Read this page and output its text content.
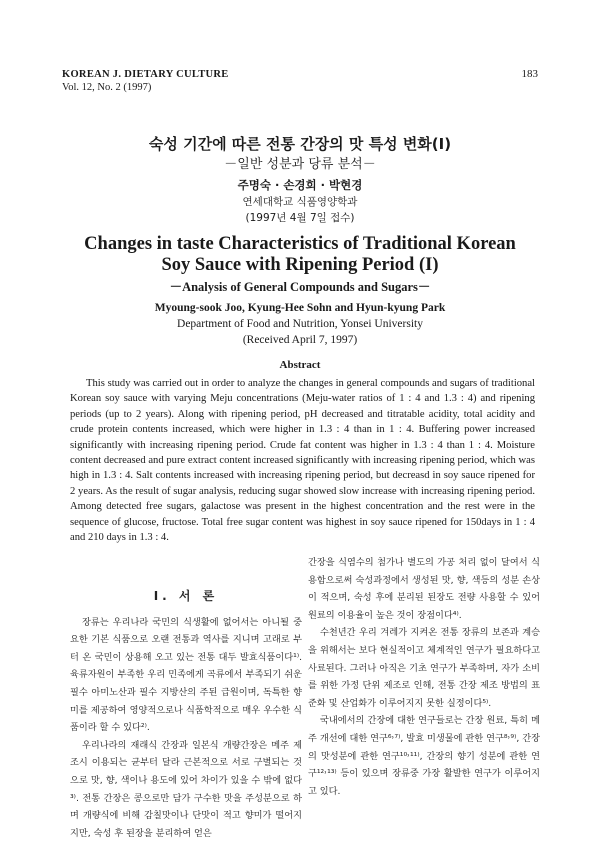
KOREAN J. DIETARY CULTURE
Vol. 12, No. 2 (1997)
183
숙성 기간에 따른 전통 간장의 맛 특성 변화(I)
－일반 성분과 당류 분석－
주명숙 · 손경희 · 박현경
연세대학교 식품영양학과
(1997년 4월 7일 접수)
Changes in taste Characteristics of Traditional Korean
Soy Sauce with Ripening Period (I)
－Analysis of General Compounds and Sugars－
Myoung-sook Joo, Kyung-Hee Sohn and Hyun-kyung Park
Department of Food and Nutrition, Yonsei University
(Received April 7, 1997)
Abstract
This study was carried out in order to analyze the changes in general compounds and sugars of traditional Korean soy sauce with varying Meju concentrations (Meju-water ratios of 1 : 4 and 1.3 : 4) and ripening periods (up to 2 years). Along with ripening period, pH decreased and titratable acidity, total acidity and crude protein contents increased, which were higher in 1.3 : 4 than in 1 : 4. Buffering power increased significantly with increasing ripening period. Crude fat content was higher in 1.3 : 4 than 1 : 4. Moisture content decreased and pure extract content increased significantly with increasing ripening period, which was high in 1.3 : 4. Salt contents increased with increasing ripening period, but decreasd in soy sauce ripened for 2 years. As the result of sugar analysis, reducing sugar showed slow increase with increasing ripening period. Among detected free sugars, galactose was present in the highest concentration and the rest were in the sequence of glucose, fructose. Total free sugar content was highest in soy sauce ripened for 150days in 1 : 4 and 210 days in 1.3 : 4.
I. 서 론

장류는 우리나라 국민의 식생활에 없어서는 아니될 중요한 기본 식품으로 오랜 전통과 역사를 지니며 고래로 부터 온 국민이 상용해 오고 있는 전통 대두 발효식품이다¹⁾. 육류자원이 부족한 우리 민족에게 곡류에서 부족되기 쉬운 필수 아미노산과 필수 지방산의 주된 급원이며, 독특한 향미를 제공하여 영양적으로나 식품학적으로 매우 우수한 식품이라 할 수 있다²⁾.

우리나라의 재래식 간장과 일본식 개량간장은 메주 제조시 이용되는 균부터 달라 근본적으로 서로 구별되는 것으로 맛, 향, 색이나 용도에 있어 차이가 있을 수 밖에 없다³⁾. 전통 간장은 콩으로만 담가 구수한 맛을 주성분으로 하며 개량식에 비해 감칠맛이나 단맛이 적고 향미가 떨어지지만, 숙성 후 된장을 분리하여 얻은

간장을 식염수의 첨가나 별도의 가공 처리 없이 달여서 식용함으로써 숙성과정에서 생성된 맛, 향, 색등의 성분 손상이 적으며, 숙성 후에 분리된 된장도 전량 사용할 수 있어 원료의 이용율이 높은 것이 장점이다⁴⁾.

수천년간 우리 겨레가 지켜온 전통 장류의 보존과 계승을 위해서는 보다 현실적이고 체계적인 연구가 필요하다고 사료된다. 그러나 아직은 기초 연구가 부족하며, 자가 소비를 위한 가정 단위 제조로 인해, 전통 간장 제조 방법의 표준화 및 산업화가 이루어지지 못한 실정이다⁵⁾.

국내에서의 간장에 대한 연구들로는 간장 원료, 특히 메주 개선에 대한 연구⁶˒⁷⁾, 발효 미생물에 관한 연구⁸˒⁹⁾, 간장의 맛성분에 관한 연구¹⁰˒¹¹⁾, 간장의 향기 성분에 관한 연구¹²˒¹³⁾ 등이 있으며 장류중 가장 활발한 연구가 이루어지고 있다.
